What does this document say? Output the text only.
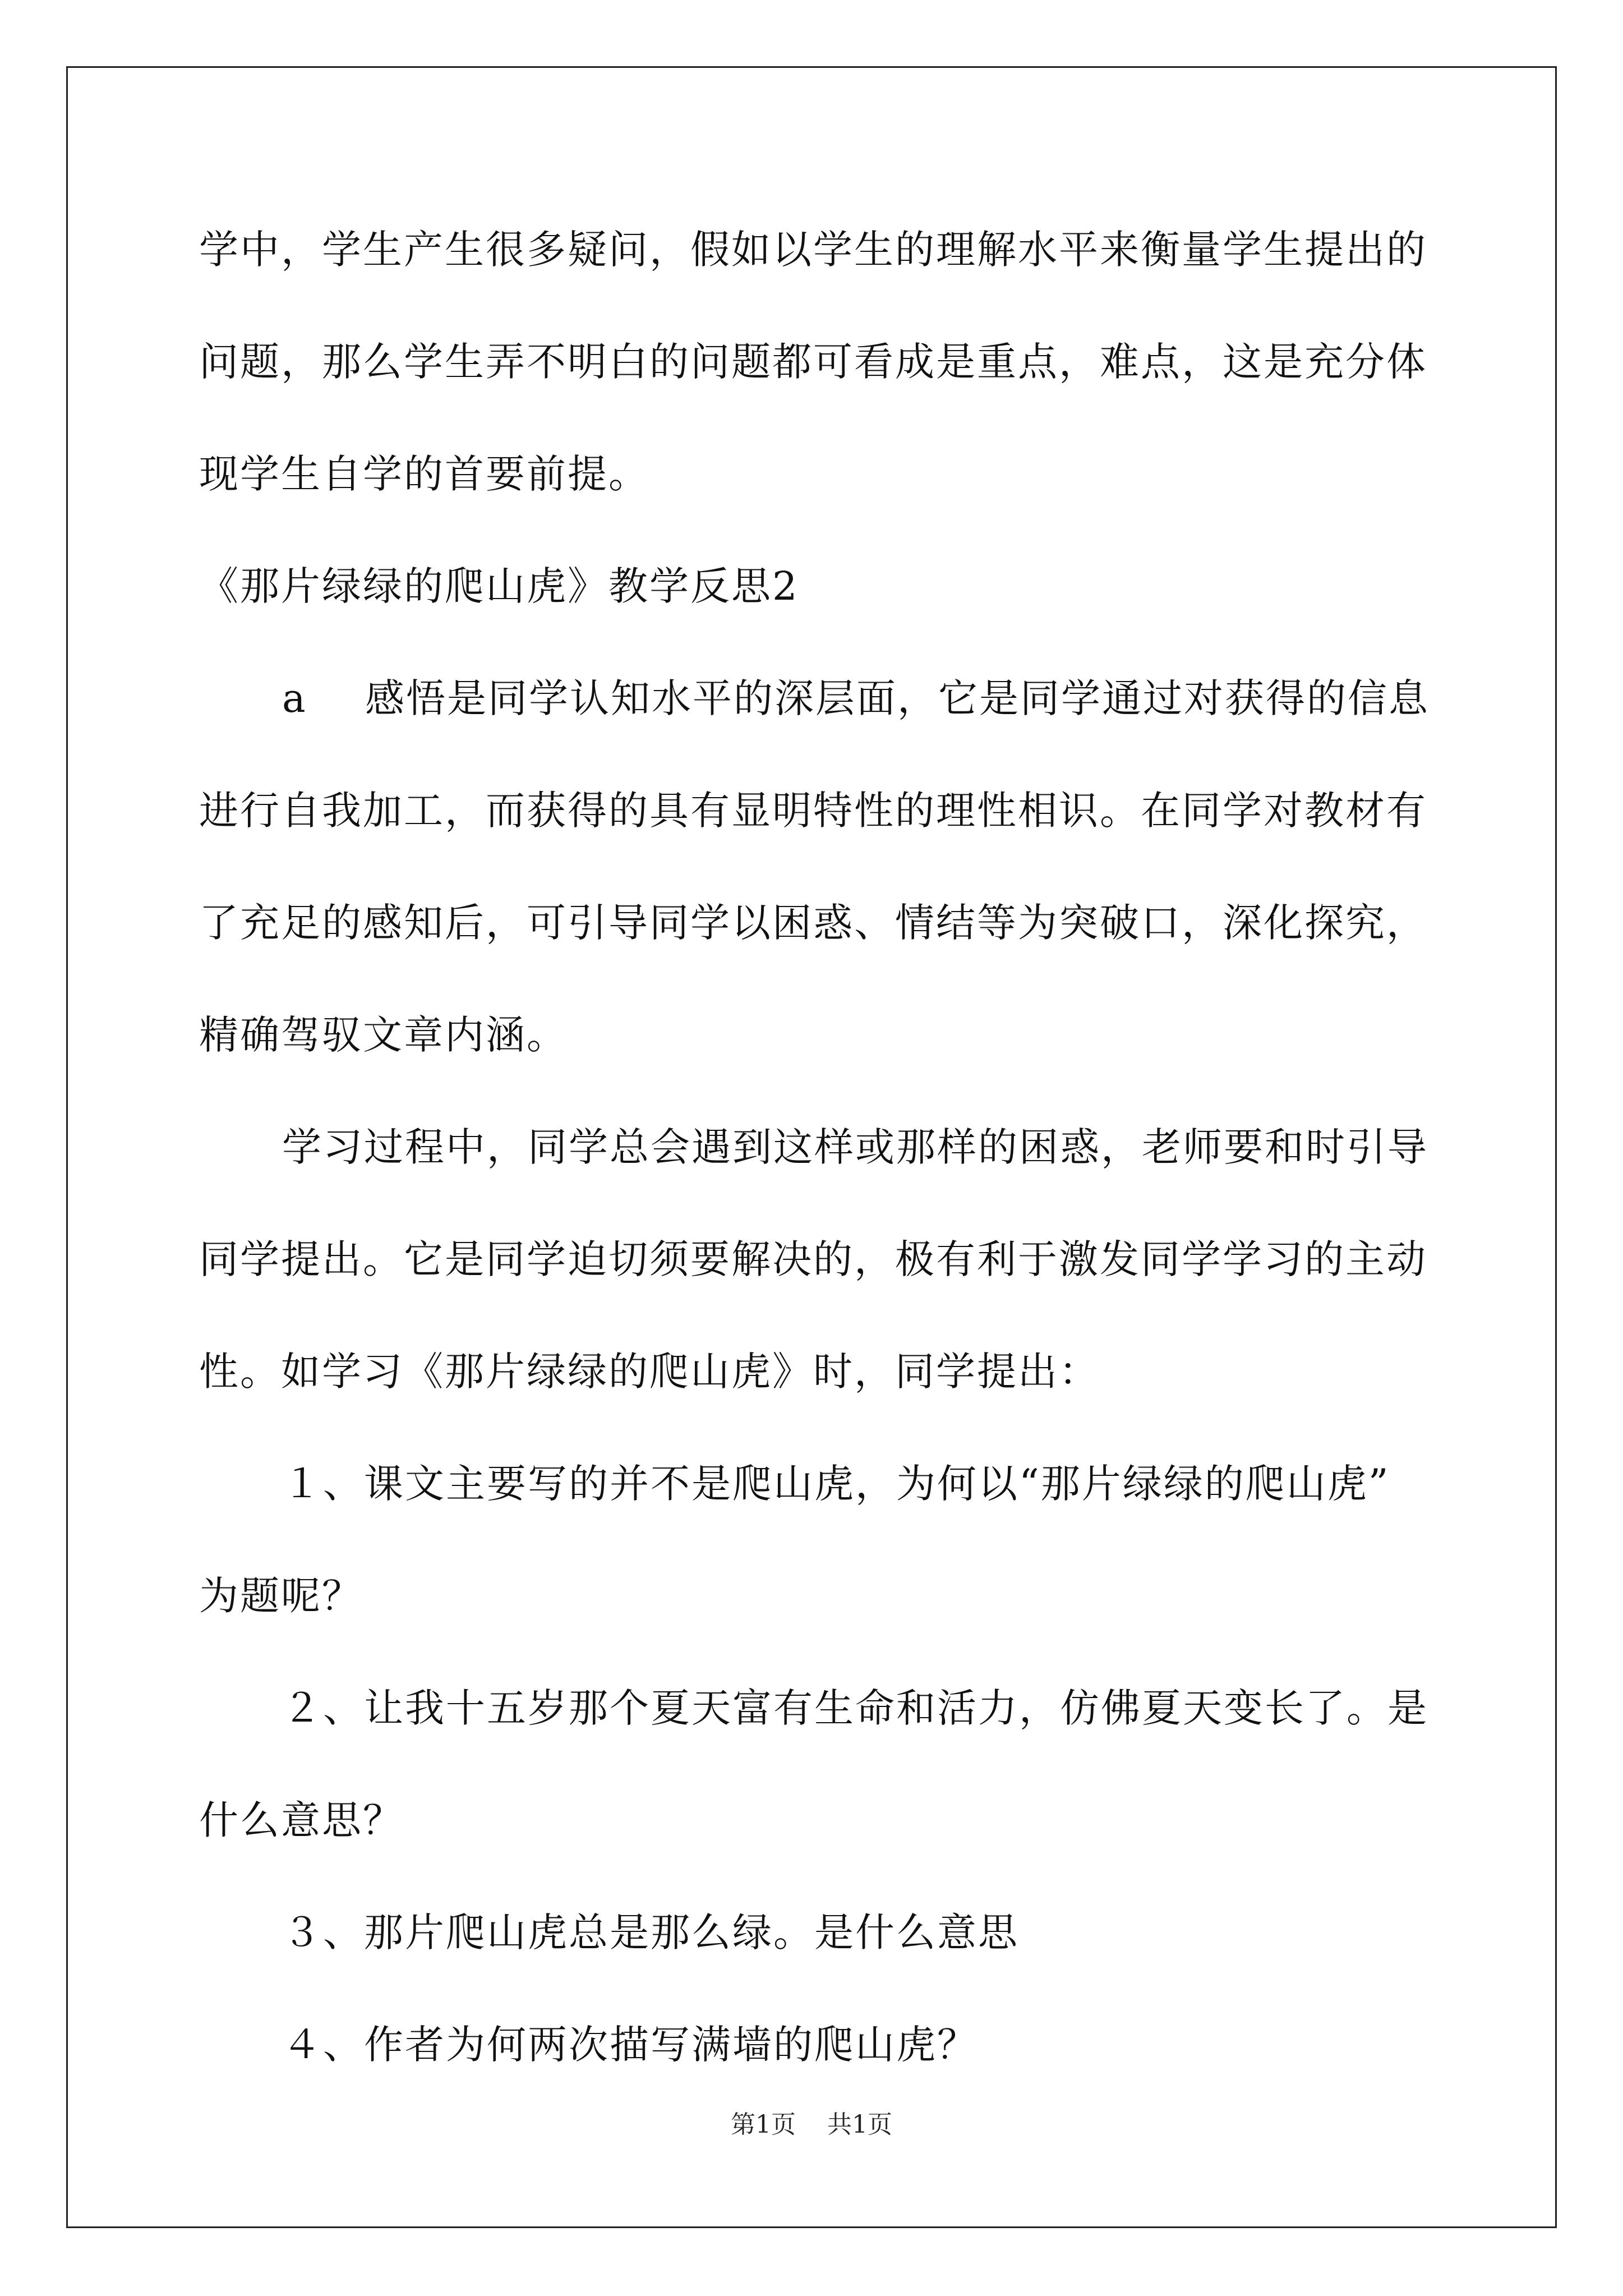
学中，学生产生很多疑问，假如以学生的理解水平来衡量学生提出的
问题，那么学生弄不明白的问题都可看成是重点，难点，这是充分体
现学生自学的首要前提。
《那片绿绿的爬山虎》教学反思2
a 感悟是同学认知水平的深层面，它是同学通过对获得的信息
进行自我加工，而获得的具有显明特性的理性相识。在同学对教材有
了充足的感知后，可引导同学以困惑、情结等为突破口，深化探究，
精确驾驭文章内涵。
学习过程中，同学总会遇到这样或那样的困惑，老师要和时引导
同学提出。它是同学迫切须要解决的，极有利于激发同学学习的主动
性。如学习《那片绿绿的爬山虎》时，同学提出：
１、课文主要写的并不是爬山虎，为何以“那片绿绿的爬山虎”
为题呢？
２、让我十五岁那个夏天富有生命和活力，仿佛夏天变长了。是
什么意思？
３、那片爬山虎总是那么绿。是什么意思
４、作者为何两次描写满墙的爬山虎？
第1页 共1页
